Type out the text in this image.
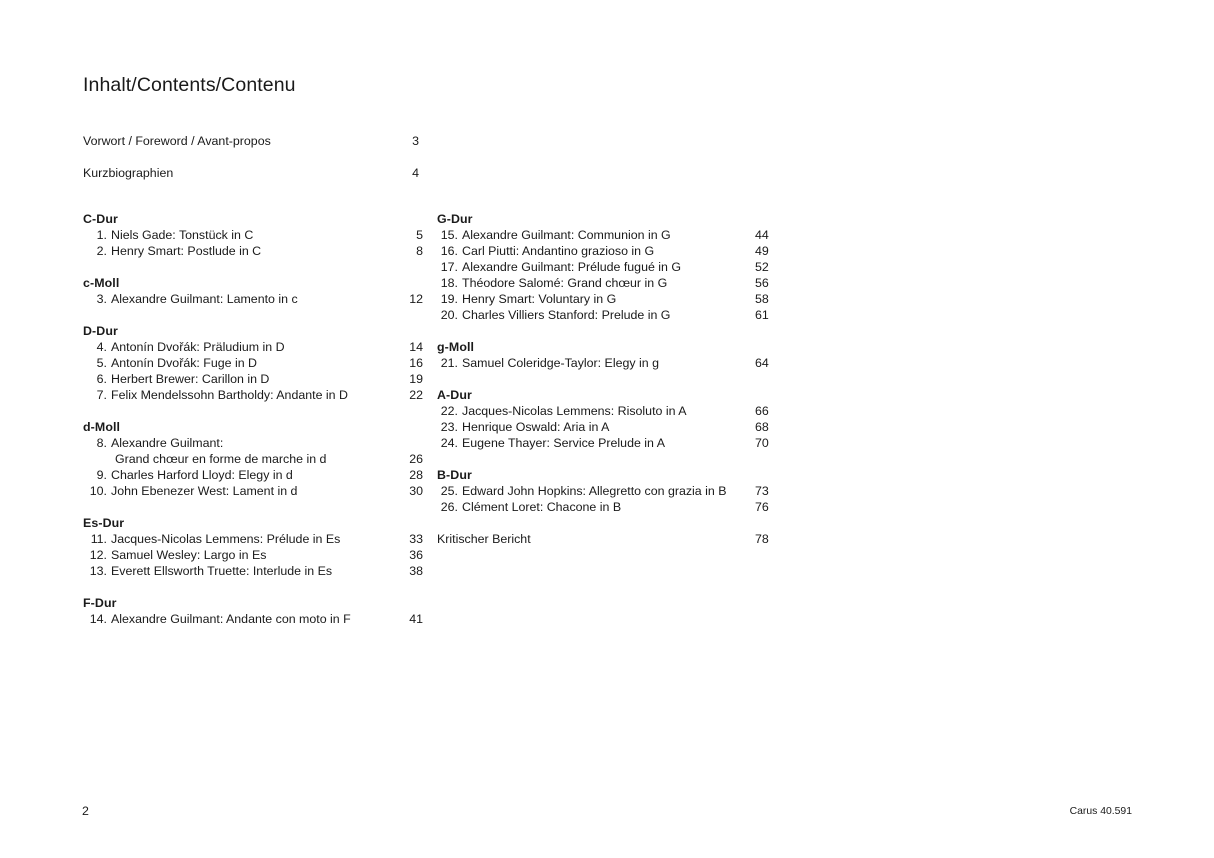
Inhalt/Contents/Contenu
Vorwort / Foreword / Avant-propos	3
Kurzbiographien	4
C-Dur
1. Niels Gade: Tonstück in C	5
2. Henry Smart: Postlude in C	8
c-Moll
3. Alexandre Guilmant: Lamento in c	12
D-Dur
4. Antonín Dvořák: Präludium in D	14
5. Antonín Dvořák: Fuge in D	16
6. Herbert Brewer: Carillon in D	19
7. Felix Mendelssohn Bartholdy: Andante in D	22
d-Moll
8. Alexandre Guilmant:

Grand chœur en forme de marche in d	26
9. Charles Harford Lloyd: Elegy in d	28
10. John Ebenezer West: Lament in d	30
Es-Dur
11. Jacques-Nicolas Lemmens: Prélude in Es	33
12. Samuel Wesley: Largo in Es	36
13. Everett Ellsworth Truette: Interlude in Es	38
F-Dur
14. Alexandre Guilmant: Andante con moto in F	41
G-Dur
15. Alexandre Guilmant: Communion in G	44
16. Carl Piutti: Andantino grazioso in G	49
17. Alexandre Guilmant: Prélude fugué in G	52
18. Théodore Salomé: Grand chœur in G	56
19. Henry Smart: Voluntary in G	58
20. Charles Villiers Stanford: Prelude in G	61
g-Moll
21. Samuel Coleridge-Taylor: Elegy in g	64
A-Dur
22. Jacques-Nicolas Lemmens: Risoluto in A	66
23. Henrique Oswald: Aria in A	68
24. Eugene Thayer: Service Prelude in A	70
B-Dur
25. Edward John Hopkins: Allegretto con grazia in B	73
26. Clément Loret: Chacone in B	76
Kritischer Bericht	78
2	Carus 40.591
